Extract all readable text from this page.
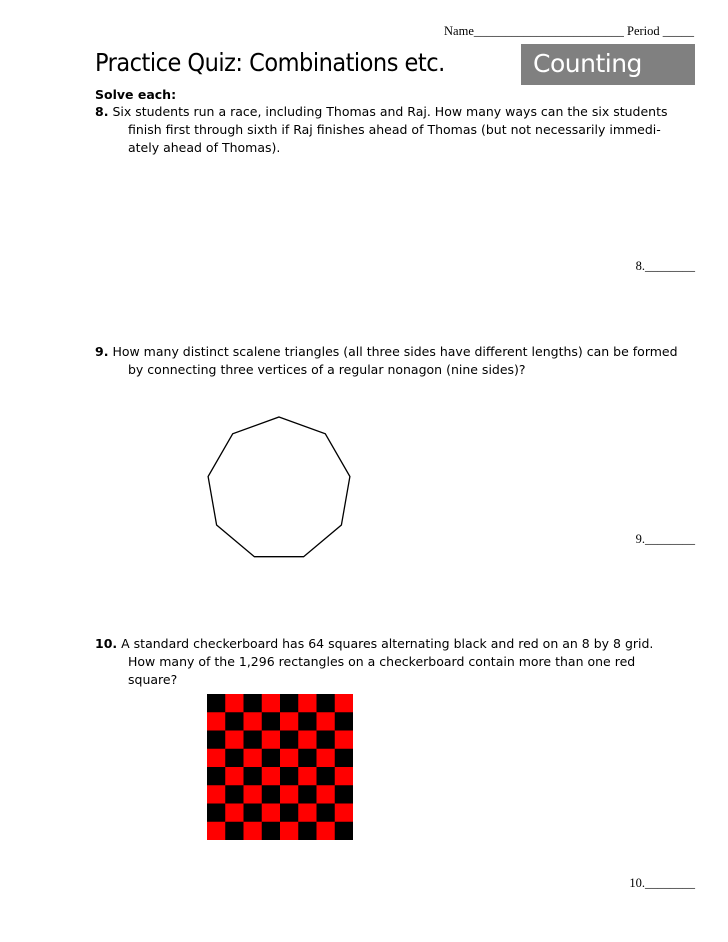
Name________________________ Period _____
Practice Quiz: Combinations etc.	Counting
Solve each:
8. Six students run a race, including Thomas and Raj. How many ways can the six students
finish first through sixth if Raj finishes ahead of Thomas (but not necessarily immedi-
ately ahead of Thomas).
8.________
9. How many distinct scalene triangles (all three sides have different lengths) can be formed
by connecting three vertices of a regular nonagon (nine sides)?
9.________
10. A standard checkerboard has 64 squares alternating black and red on an 8 by 8 grid.
How many of the 1,296 rectangles on a checkerboard contain more than one red
square?
10.________
